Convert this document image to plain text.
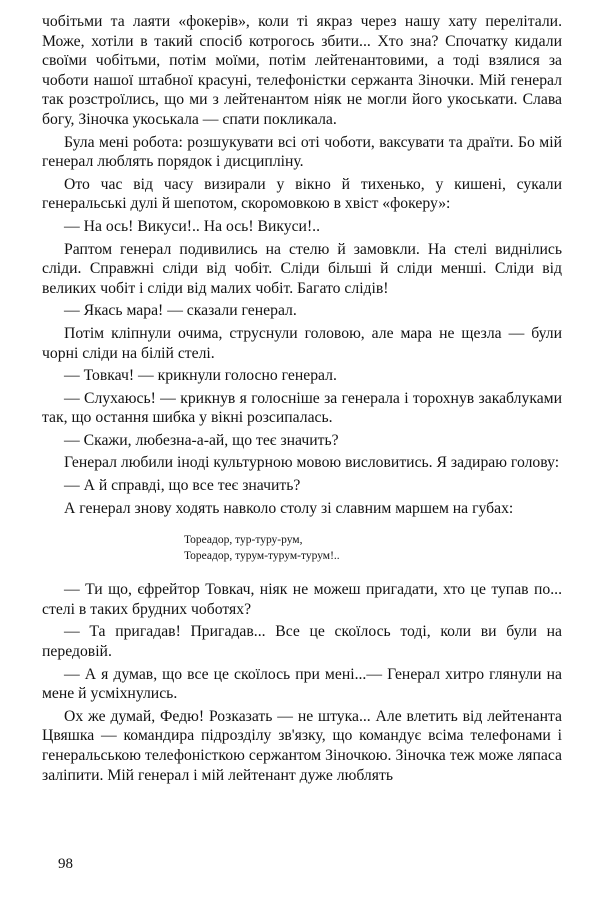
чобітьми та лаяти «фокерів», коли ті якраз через нашу хату перелітали. Може, хотіли в такий спосіб котрогось збити... Хто зна? Спочатку кидали своїми чобітьми, потім моїми, потім лейтенантовими, а тоді взялися за чоботи нашої штабної красуні, телефоністки сержанта Зіночки. Мій генерал так розстроїлись, що ми з лейтенантом ніяк не могли його укоськати. Слава богу, Зіночка укоськала — спати покликала.

Була мені робота: розшукувати всі оті чоботи, ваксувати та драїти. Бо мій генерал люблять порядок і дисципліну.

Ото час від часу визирали у вікно й тихенько, у кишені, сукали генеральські дулі й шепотом, скоромовкою в хвіст «фокеру»:

— На ось! Викуси!.. На ось! Викуси!..

Раптом генерал подивились на стелю й замовкли. На стелі виднілись сліди. Справжні сліди від чобіт. Сліди більші й сліди менші. Сліди від великих чобіт і сліди від малих чобіт. Багато слідів!

— Якась мара! — сказали генерал.

Потім кліпнули очима, струснули головою, але мара не щезла — були чорні сліди на білій стелі.

— Товкач! — крикнули голосно генерал.

— Слухаюсь! — крикнув я голосніше за генерала і торохнув закаблуками так, що остання шибка у вікні розсипалась.

— Скажи, любезна-а-ай, що теє значить?

Генерал любили іноді культурною мовою висловитись. Я задираю голову:

— А й справді, що все теє значить?

А генерал знову ходять навколо столу зі славним маршем на губах:

Тореадор, тур-туру-рум,
Тореадор, турум-турум-турум!..

— Ти що, єфрейтор Товкач, ніяк не можеш пригадати, хто це тупав по... стелі в таких брудних чоботях?

— Та пригадав! Пригадав... Все це скоїлось тоді, коли ви були на передовій.

— А я думав, що все це скоїлось при мені...— Генерал хитро глянули на мене й усміхнулись.

Ох же думай, Федю! Розказать — не штука... Але влетить від лейтенанта Цвяшка — командира підрозділу зв'язку, що командує всіма телефонами і генеральською телефоністкою сержантом Зіночкою. Зіночка теж може ляпаса заліпити. Мій генерал і мій лейтенант дуже люблять

98
